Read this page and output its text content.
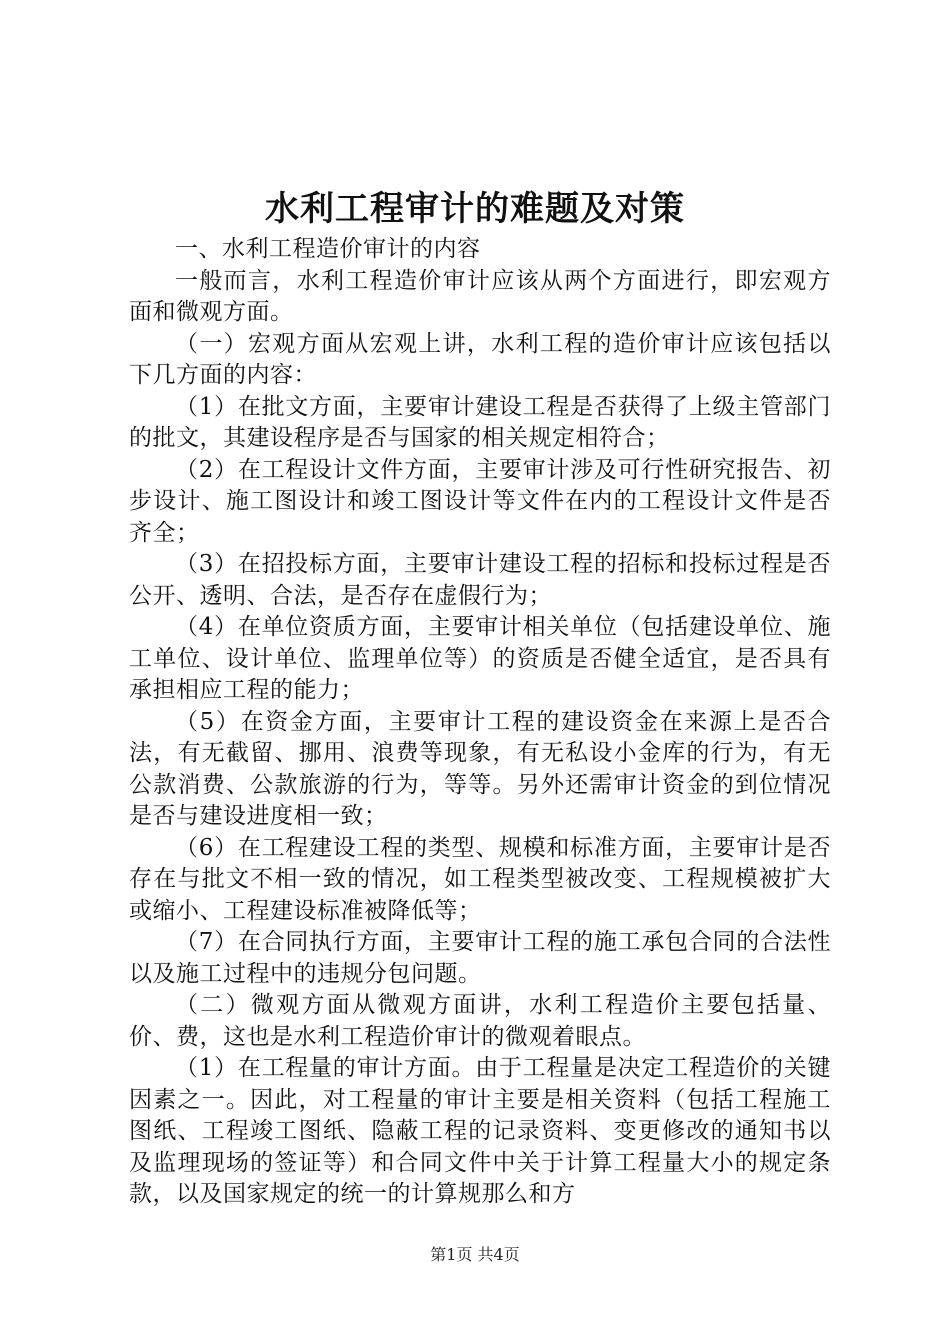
水利工程审计的难题及对策

一、水利工程造价审计的内容

一般而言，水利工程造价审计应该从两个方面进行，即宏观方面和微观方面。

（一）宏观方面从宏观上讲，水利工程的造价审计应该包括以下几方面的内容：

（1）在批文方面，主要审计建设工程是否获得了上级主管部门的批文，其建设程序是否与国家的相关规定相符合；

（2）在工程设计文件方面，主要审计涉及可行性研究报告、初步设计、施工图设计和竣工图设计等文件在内的工程设计文件是否齐全；

（3）在招投标方面，主要审计建设工程的招标和投标过程是否公开、透明、合法，是否存在虚假行为；

（4）在单位资质方面，主要审计相关单位（包括建设单位、施工单位、设计单位、监理单位等）的资质是否健全适宜，是否具有承担相应工程的能力；

（5）在资金方面，主要审计工程的建设资金在来源上是否合法，有无截留、挪用、浪费等现象，有无私设小金库的行为，有无公款消费、公款旅游的行为，等等。另外还需审计资金的到位情况是否与建设进度相一致；

（6）在工程建设工程的类型、规模和标准方面，主要审计是否存在与批文不相一致的情况，如工程类型被改变、工程规模被扩大或缩小、工程建设标准被降低等；

（7）在合同执行方面，主要审计工程的施工承包合同的合法性以及施工过程中的违规分包问题。

（二）微观方面从微观方面讲，水利工程造价主要包括量、价、费，这也是水利工程造价审计的微观着眼点。

（1）在工程量的审计方面。由于工程量是决定工程造价的关键因素之一。因此，对工程量的审计主要是相关资料（包括工程施工图纸、工程竣工图纸、隐蔽工程的记录资料、变更修改的通知书以及监理现场的签证等）和合同文件中关于计算工程量大小的规定条款，以及国家规定的统一的计算规那么和方

第1页 共4页
